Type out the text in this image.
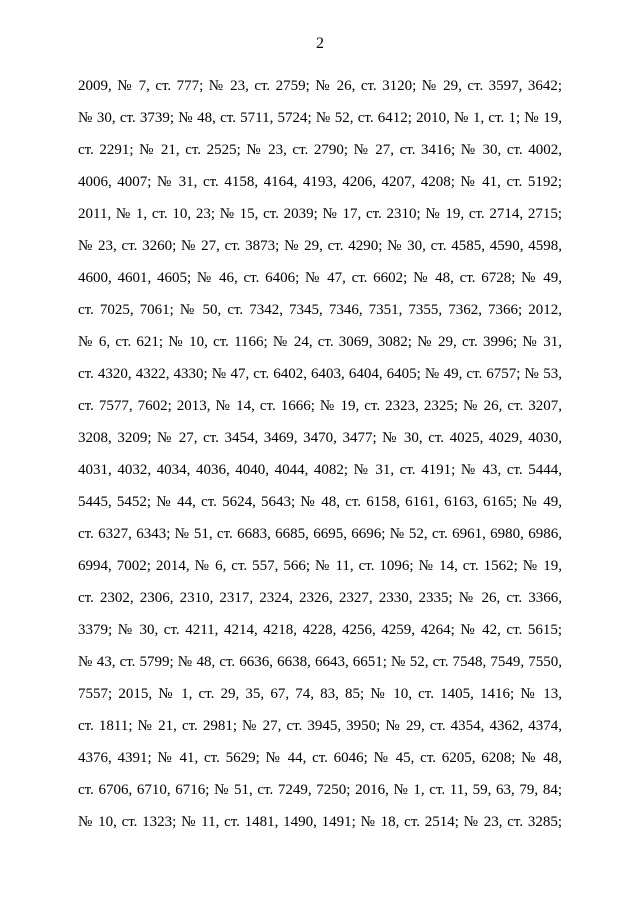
2
2009, № 7, ст. 777; № 23, ст. 2759; № 26, ст. 3120; № 29, ст. 3597, 3642;
№ 30, ст. 3739; № 48, ст. 5711, 5724; № 52, ст. 6412; 2010, № 1, ст. 1; № 19,
ст. 2291; № 21, ст. 2525; № 23, ст. 2790; № 27, ст. 3416; № 30, ст. 4002,
4006, 4007; № 31, ст. 4158, 4164, 4193, 4206, 4207, 4208; № 41, ст. 5192;
2011, № 1, ст. 10, 23; № 15, ст. 2039; № 17, ст. 2310; № 19, ст. 2714, 2715;
№ 23, ст. 3260; № 27, ст. 3873; № 29, ст. 4290; № 30, ст. 4585, 4590, 4598,
4600, 4601, 4605; № 46, ст. 6406; № 47, ст. 6602; № 48, ст. 6728; № 49,
ст. 7025, 7061; № 50, ст. 7342, 7345, 7346, 7351, 7355, 7362, 7366; 2012,
№ 6, ст. 621; № 10, ст. 1166; № 24, ст. 3069, 3082; № 29, ст. 3996; № 31,
ст. 4320, 4322, 4330; № 47, ст. 6402, 6403, 6404, 6405; № 49, ст. 6757; № 53,
ст. 7577, 7602; 2013, № 14, ст. 1666; № 19, ст. 2323, 2325; № 26, ст. 3207,
3208, 3209; № 27, ст. 3454, 3469, 3470, 3477; № 30, ст. 4025, 4029, 4030,
4031, 4032, 4034, 4036, 4040, 4044, 4082; № 31, ст. 4191; № 43, ст. 5444,
5445, 5452; № 44, ст. 5624, 5643; № 48, ст. 6158, 6161, 6163, 6165; № 49,
ст. 6327, 6343; № 51, ст. 6683, 6685, 6695, 6696; № 52, ст. 6961, 6980, 6986,
6994, 7002; 2014, № 6, ст. 557, 566; № 11, ст. 1096; № 14, ст. 1562; № 19,
ст. 2302, 2306, 2310, 2317, 2324, 2326, 2327, 2330, 2335; № 26, ст. 3366,
3379; № 30, ст. 4211, 4214, 4218, 4228, 4256, 4259, 4264; № 42, ст. 5615;
№ 43, ст. 5799; № 48, ст. 6636, 6638, 6643, 6651; № 52, ст. 7548, 7549, 7550,
7557; 2015, № 1, ст. 29, 35, 67, 74, 83, 85; № 10, ст. 1405, 1416; № 13,
ст. 1811; № 21, ст. 2981; № 27, ст. 3945, 3950; № 29, ст. 4354, 4362, 4374,
4376, 4391; № 41, ст. 5629; № 44, ст. 6046; № 45, ст. 6205, 6208; № 48,
ст. 6706, 6710, 6716; № 51, ст. 7249, 7250; 2016, № 1, ст. 11, 59, 63, 79, 84;
№ 10, ст. 1323; № 11, ст. 1481, 1490, 1491; № 18, ст. 2514; № 23, ст. 3285;
